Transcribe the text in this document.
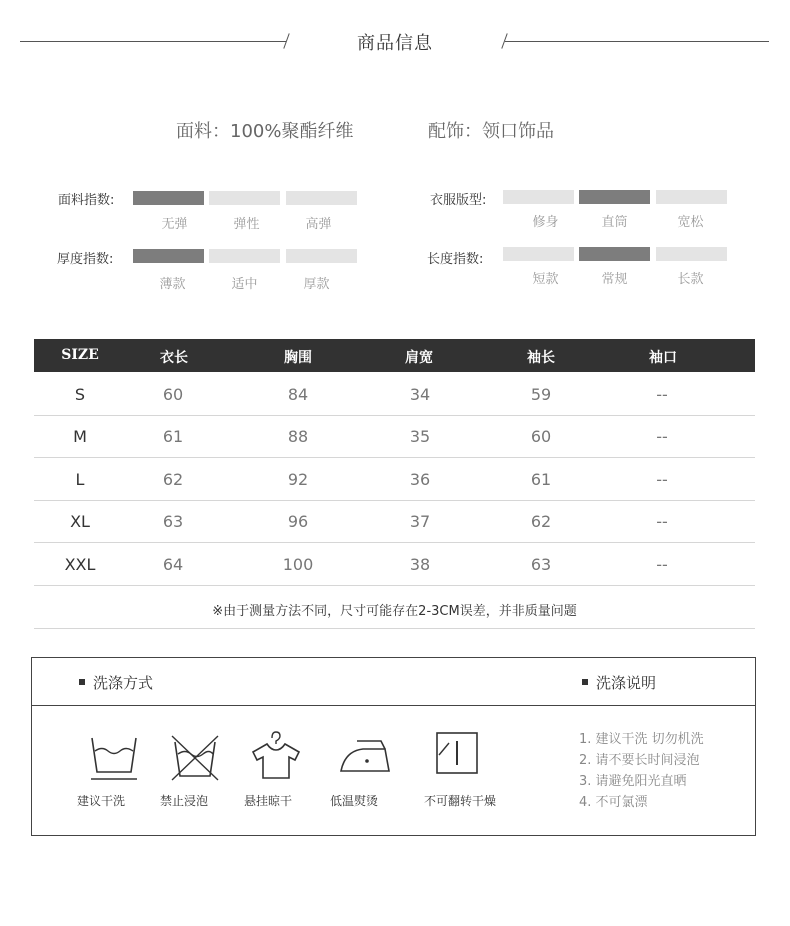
商品信息
面料：100%聚酯纤维	配饰：领口饰品
面料指数:
无弹	弹性	高弹
衣服版型:
修身	直筒	宽松
厚度指数:
薄款	适中	厚款
长度指数:
短款	常规	长款
SIZE	衣长	胸围	肩宽	袖长	袖口
S	60	84	34	59	--
M	61	88	35	60	--
L	62	92	36	61	--
XL	63	96	37	62	--
XXL	64	100	38	63	--
※由于测量方法不同，尺寸可能存在2-3CM误差，并非质量问题
洗涤方式	洗涤说明
建议干洗	禁止浸泡	悬挂晾干	低温熨烫	不可翻转干燥
1. 建议干洗 切勿机洗
2. 请不要长时间浸泡
3. 请避免阳光直晒
4. 不可氯漂
